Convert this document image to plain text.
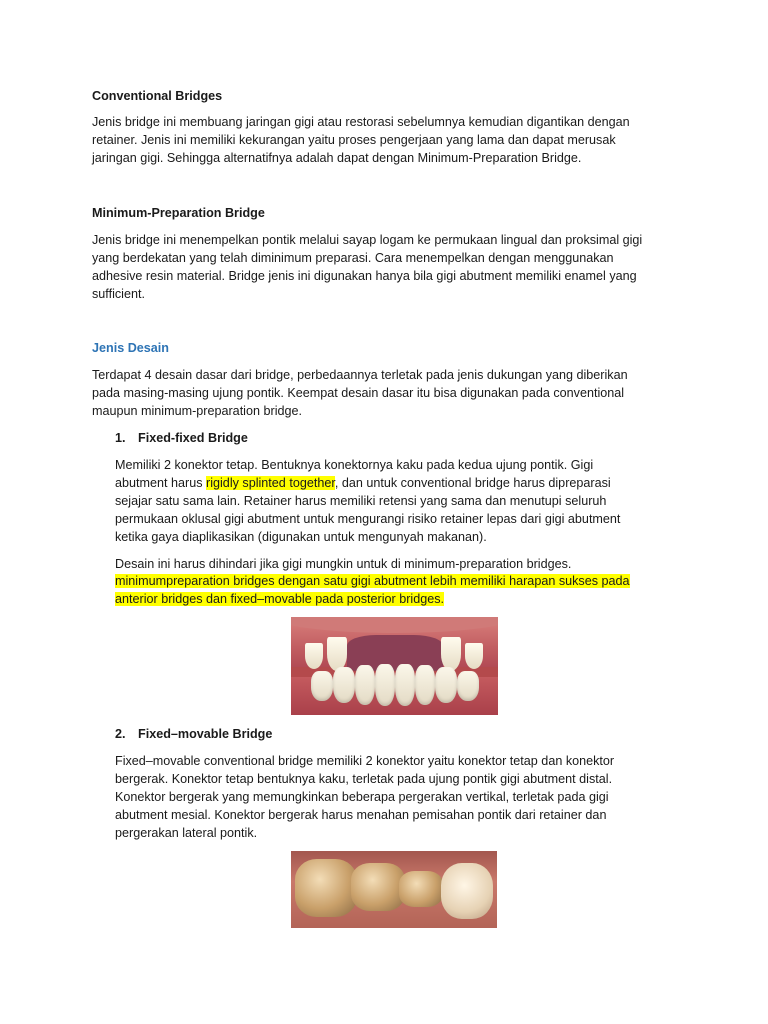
Conventional Bridges

Jenis bridge ini membuang jaringan gigi atau restorasi sebelumnya kemudian digantikan dengan

retainer. Jenis ini memiliki kekurangan yaitu proses pengerjaan yang lama dan dapat merusak

jaringan gigi. Sehingga alternatifnya adalah dapat dengan Minimum-Preparation Bridge.

Minimum-Preparation Bridge

Jenis bridge ini menempelkan pontik melalui sayap logam ke permukaan lingual dan proksimal gigi

yang berdekatan yang telah diminimum preparasi. Cara menempelkan dengan menggunakan

adhesive resin material. Bridge jenis ini digunakan hanya bila gigi abutment memiliki enamel yang

sufficient.

Jenis Desain

Terdapat 4 desain dasar dari bridge, perbedaannya terletak pada jenis dukungan yang diberikan

pada masing-masing ujung pontik. Keempat desain dasar itu bisa digunakan pada conventional

maupun minimum-preparation bridge.

1. Fixed-fixed Bridge

Memiliki 2 konektor tetap. Bentuknya konektornya kaku pada kedua ujung pontik. Gigi

abutment harus rigidly splinted together, dan untuk conventional bridge harus dipreparasi

sejajar satu sama lain. Retainer harus memiliki retensi yang sama dan menutupi seluruh

permukaan oklusal gigi abutment untuk mengurangi risiko retainer lepas dari gigi abutment

ketika gaya diaplikasikan (digunakan untuk mengunyah makanan).

Desain ini harus dihindari jika gigi mungkin untuk di minimum-preparation bridges.

minimumpreparation bridges dengan satu gigi abutment lebih memiliki harapan sukses pada

anterior bridges dan fixed–movable pada posterior bridges.

2. Fixed–movable Bridge

Fixed–movable conventional bridge memiliki 2 konektor yaitu konektor tetap dan konektor

bergerak. Konektor tetap bentuknya kaku, terletak pada ujung pontik gigi abutment distal.

Konektor bergerak yang memungkinkan beberapa pergerakan vertikal, terletak pada gigi

abutment mesial. Konektor bergerak harus menahan pemisahan pontik dari retainer dan

pergerakan lateral pontik.
